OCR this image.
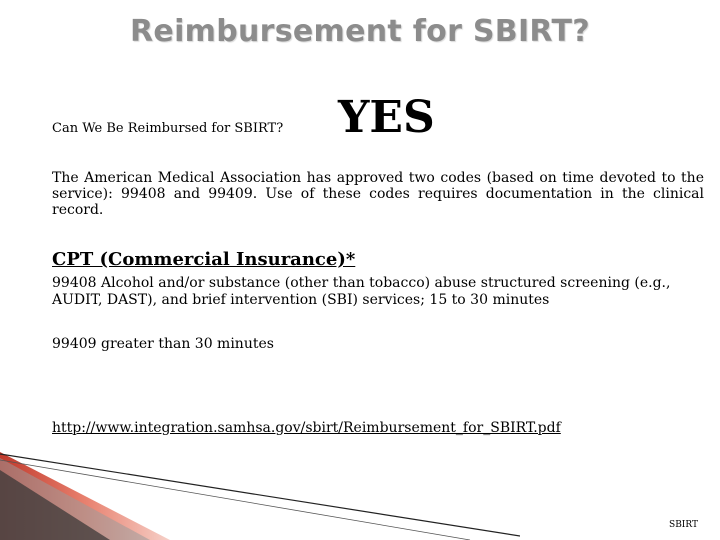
Reimbursement for SBIRT?
Can We Be Reimbursed for SBIRT? YES
The American Medical Association has approved two codes (based on time devoted to the service): 99408 and 99409. Use of these codes requires documentation in the clinical record.
CPT (Commercial Insurance)*
99408 Alcohol and/or substance (other than tobacco) abuse structured screening (e.g., AUDIT, DAST), and brief intervention (SBI) services; 15 to 30 minutes
99409 greater than 30 minutes
http://www.integration.samhsa.gov/sbirt/Reimbursement_for_SBIRT.pdf
SBIRT
